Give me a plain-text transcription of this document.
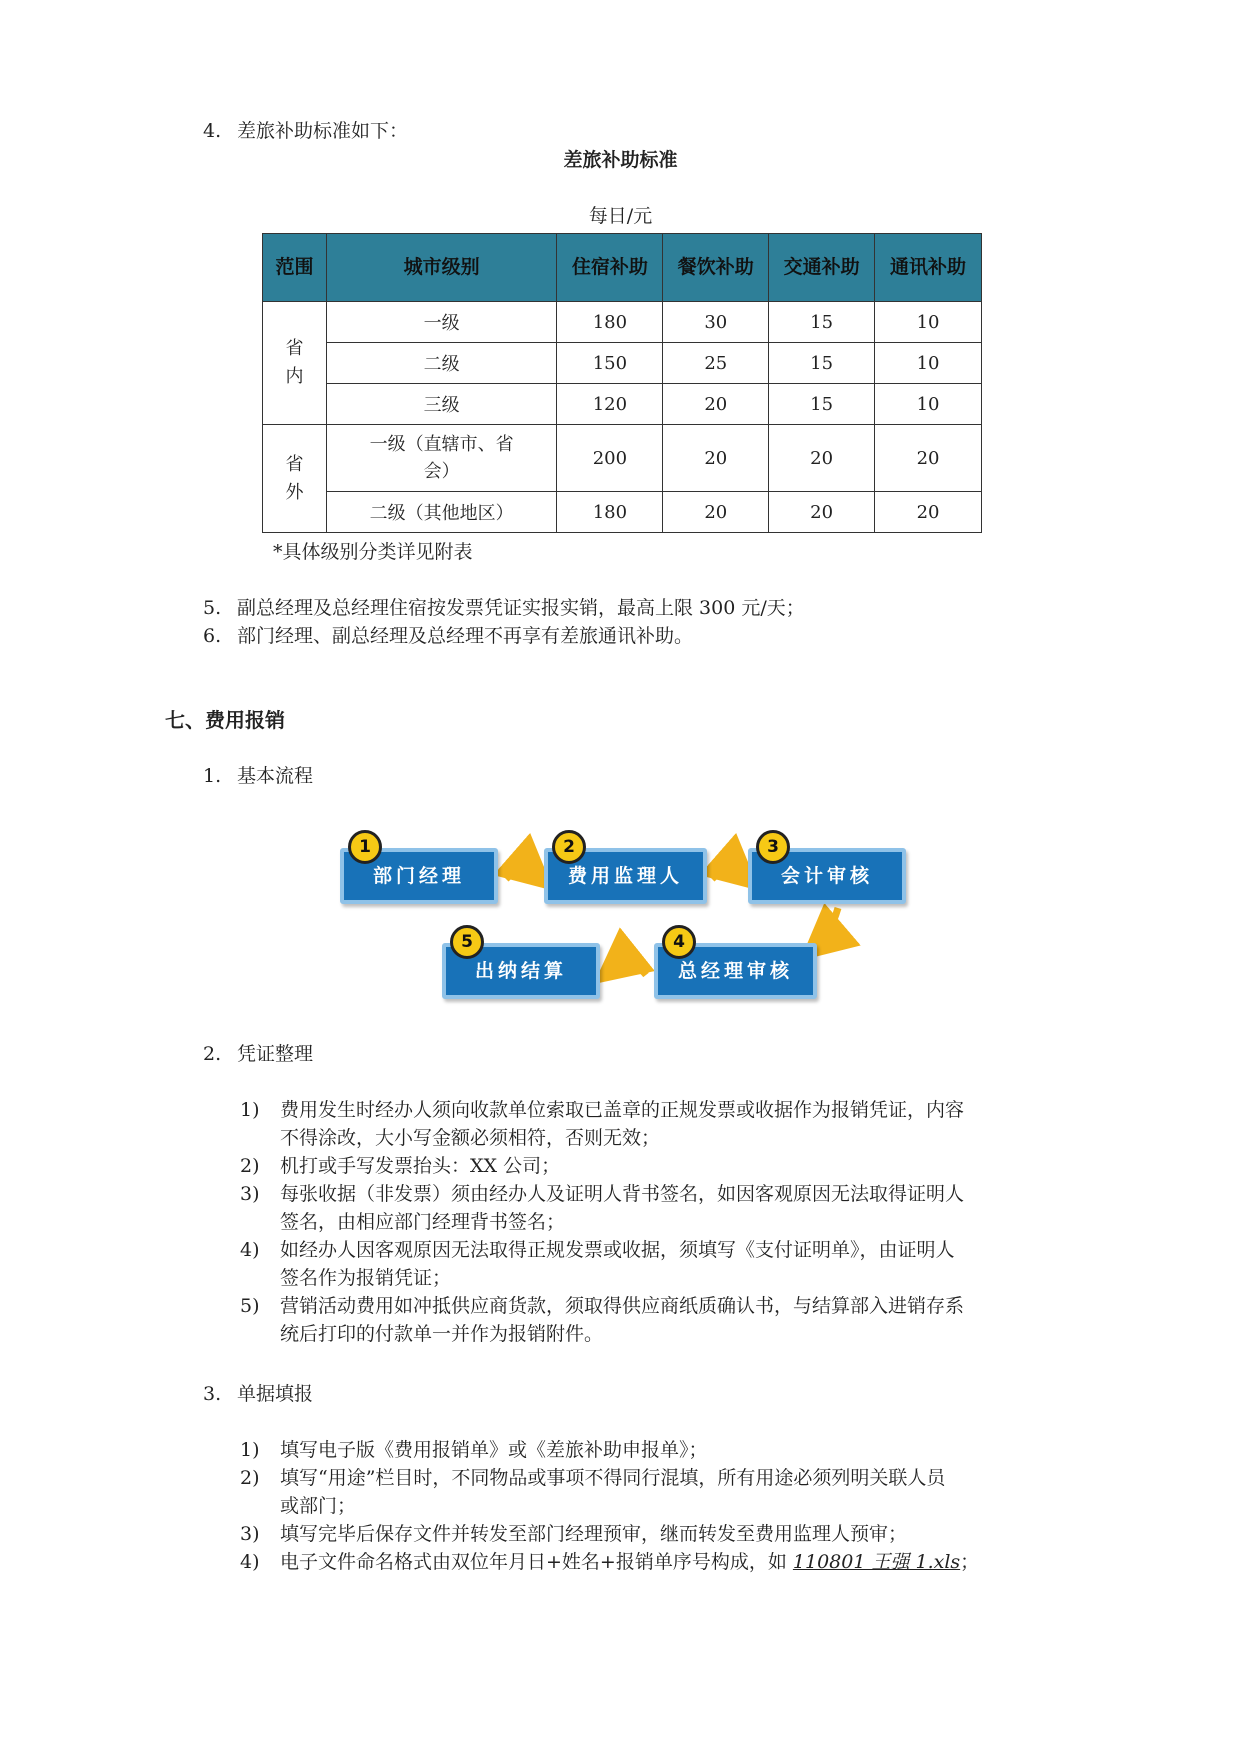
4. 差旅补助标准如下：
差旅补助标准
每日/元
范围	城市级别	住宿补助	餐饮补助	交通补助	通讯补助

省内	一级	180	30	15	10
	二级	150	25	15	10
	三级	120	20	15	10

省外	一级（直辖市、省会）	200	20	20	20
	二级（其他地区）	180	20	20	20
*具体级别分类详见附表
5. 副总经理及总经理住宿按发票凭证实报实销，最高上限 300 元/天；
6. 部门经理、副总经理及总经理不再享有差旅通讯补助。
七、费用报销
1. 基本流程
部门经理
1
费用监理人
2
会计审核
3
总经理审核
4
出纳结算
5
2. 凭证整理
1) 费用发生时经办人须向收款单位索取已盖章的正规发票或收据作为报销凭证，内容
不得涂改，大小写金额必须相符，否则无效；
2) 机打或手写发票抬头：XX 公司；
3) 每张收据（非发票）须由经办人及证明人背书签名，如因客观原因无法取得证明人
签名，由相应部门经理背书签名；
4) 如经办人因客观原因无法取得正规发票或收据，须填写《支付证明单》，由证明人
签名作为报销凭证；
5) 营销活动费用如冲抵供应商货款，须取得供应商纸质确认书，与结算部入进销存系
统后打印的付款单一并作为报销附件。
3. 单据填报
1) 填写电子版《费用报销单》或《差旅补助申报单》；
2) 填写“用途”栏目时，不同物品或事项不得同行混填，所有用途必须列明关联人员
或部门；
3) 填写完毕后保存文件并转发至部门经理预审，继而转发至费用监理人预审；
4) 电子文件命名格式由双位年月日+姓名+报销单序号构成，如 110801 王强 1.xls；
